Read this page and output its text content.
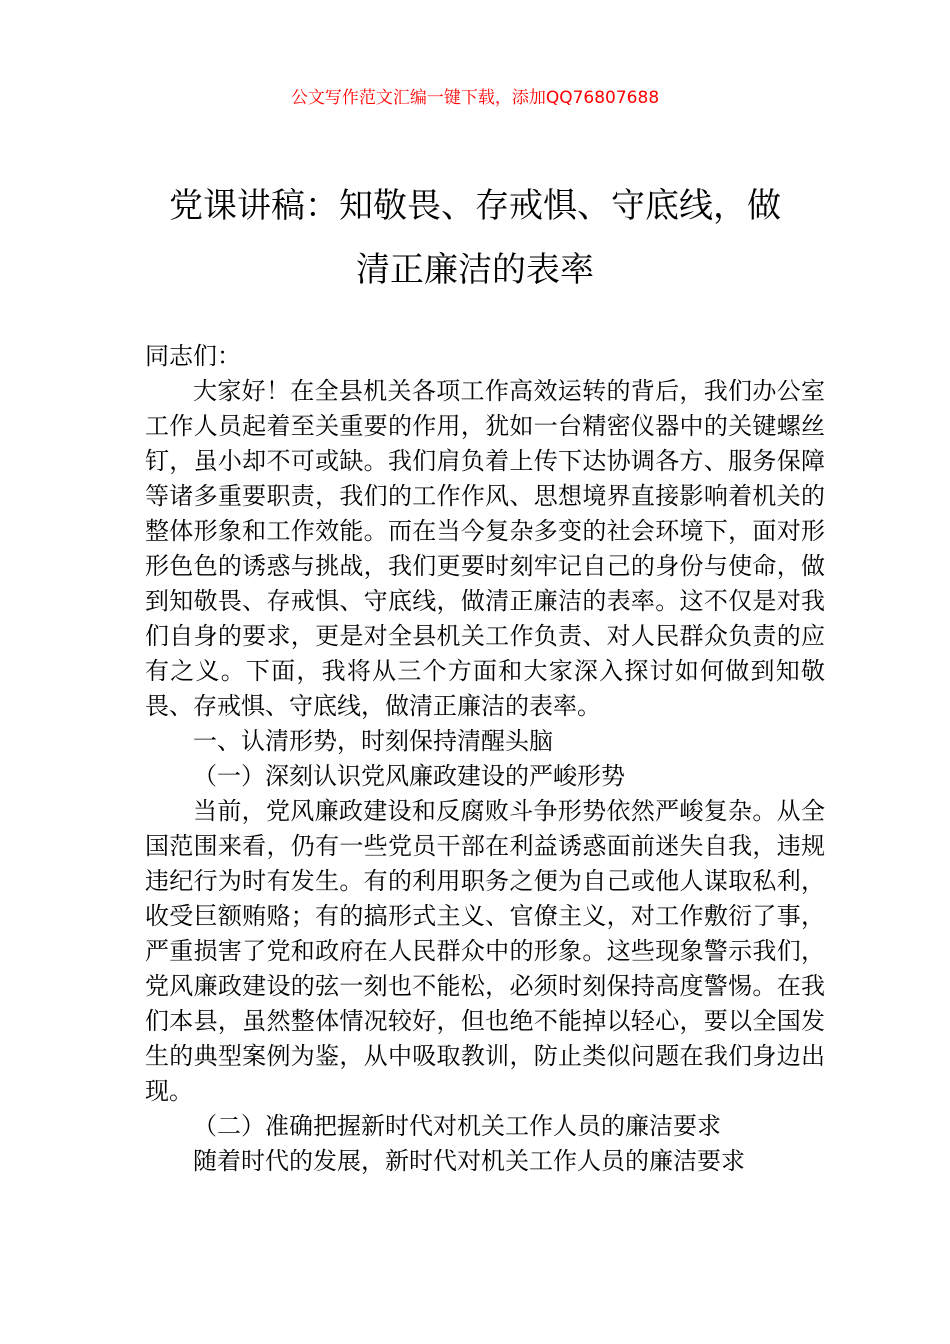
公文写作范文汇编一键下载，添加QQ76807688
党课讲稿：知敬畏、存戒惧、守底线，做
清正廉洁的表率

同志们：

大家好！在全县机关各项工作高效运转的背后，我们办公室工作人员起着至关重要的作用，犹如一台精密仪器中的关键螺丝钉，虽小却不可或缺。我们肩负着上传下达协调各方、服务保障等诸多重要职责，我们的工作作风、思想境界直接影响着机关的整体形象和工作效能。而在当今复杂多变的社会环境下，面对形形色色的诱惑与挑战，我们更要时刻牢记自己的身份与使命，做到知敬畏、存戒惧、守底线，做清正廉洁的表率。这不仅是对我们自身的要求，更是对全县机关工作负责、对人民群众负责的应有之义。下面，我将从三个方面和大家深入探讨如何做到知敬畏、存戒惧、守底线，做清正廉洁的表率。

一、认清形势，时刻保持清醒头脑

（一）深刻认识党风廉政建设的严峻形势

当前，党风廉政建设和反腐败斗争形势依然严峻复杂。从全国范围来看，仍有一些党员干部在利益诱惑面前迷失自我，违规违纪行为时有发生。有的利用职务之便为自己或他人谋取私利，收受巨额贿赂；有的搞形式主义、官僚主义，对工作敷衍了事，严重损害了党和政府在人民群众中的形象。这些现象警示我们，党风廉政建设的弦一刻也不能松，必须时刻保持高度警惕。在我们本县，虽然整体情况较好，但也绝不能掉以轻心，要以全国发生的典型案例为鉴，从中吸取教训，防止类似问题在我们身边出现。

（二）准确把握新时代对机关工作人员的廉洁要求

随着时代的发展，新时代对机关工作人员的廉洁要求
